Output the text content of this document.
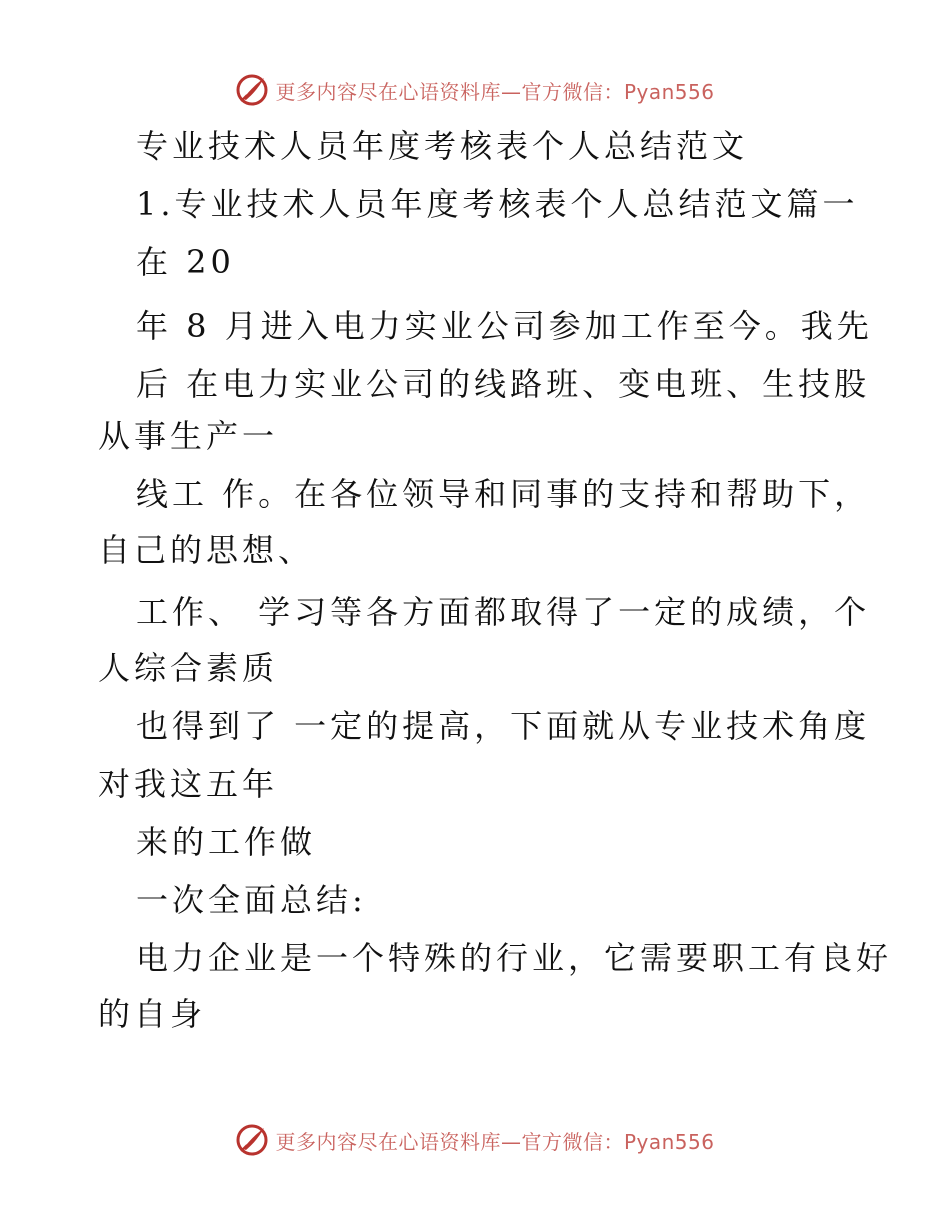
更多内容尽在心语资料库—官方微信：Pyan556
专业技术人员年度考核表个人总结范文
1.专业技术人员年度考核表个人总结范文篇一
在 20
年 8 月进入电力实业公司参加工作至今。我先
后 在电力实业公司的线路班、变电班、生技股
从事生产一
线工 作。在各位领导和同事的支持和帮助下，
自己的思想、
工作、 学习等各方面都取得了一定的成绩，个
人综合素质
也得到了 一定的提高，下面就从专业技术角度
对我这五年
来的工作做
一次全面总结:
电力企业是一个特殊的行业，它需要职工有良好
的自身
更多内容尽在心语资料库—官方微信：Pyan556
